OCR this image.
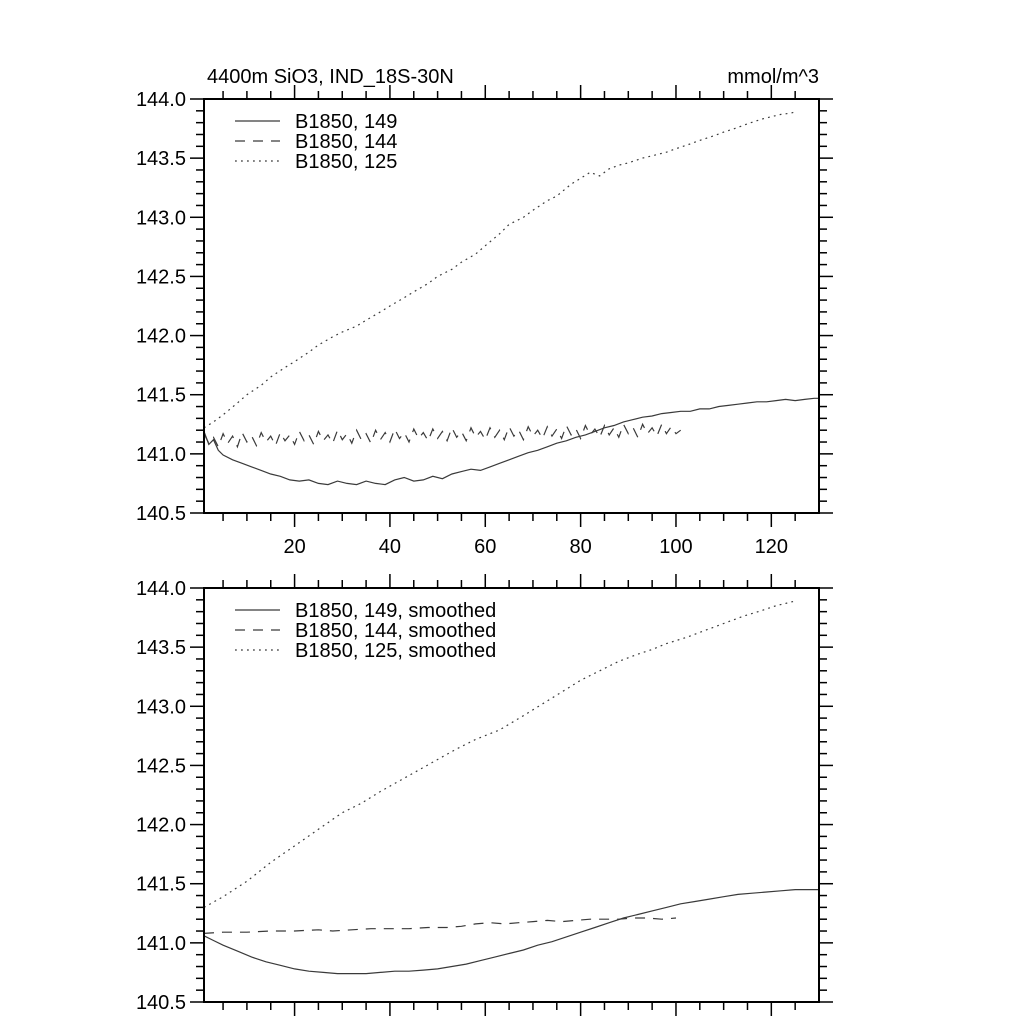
4400m SiO3, IND_18S-30N	mmol/m^3
20	40	60	80	100	120
140.5
141.0
141.5
142.0
142.5
143.0
143.5
144.0
B1850, 149
B1850, 144
B1850, 125
140.5
141.0
141.5
142.0
142.5
143.0
143.5
144.0
B1850, 149, smoothed
B1850, 144, smoothed
B1850, 125, smoothed
